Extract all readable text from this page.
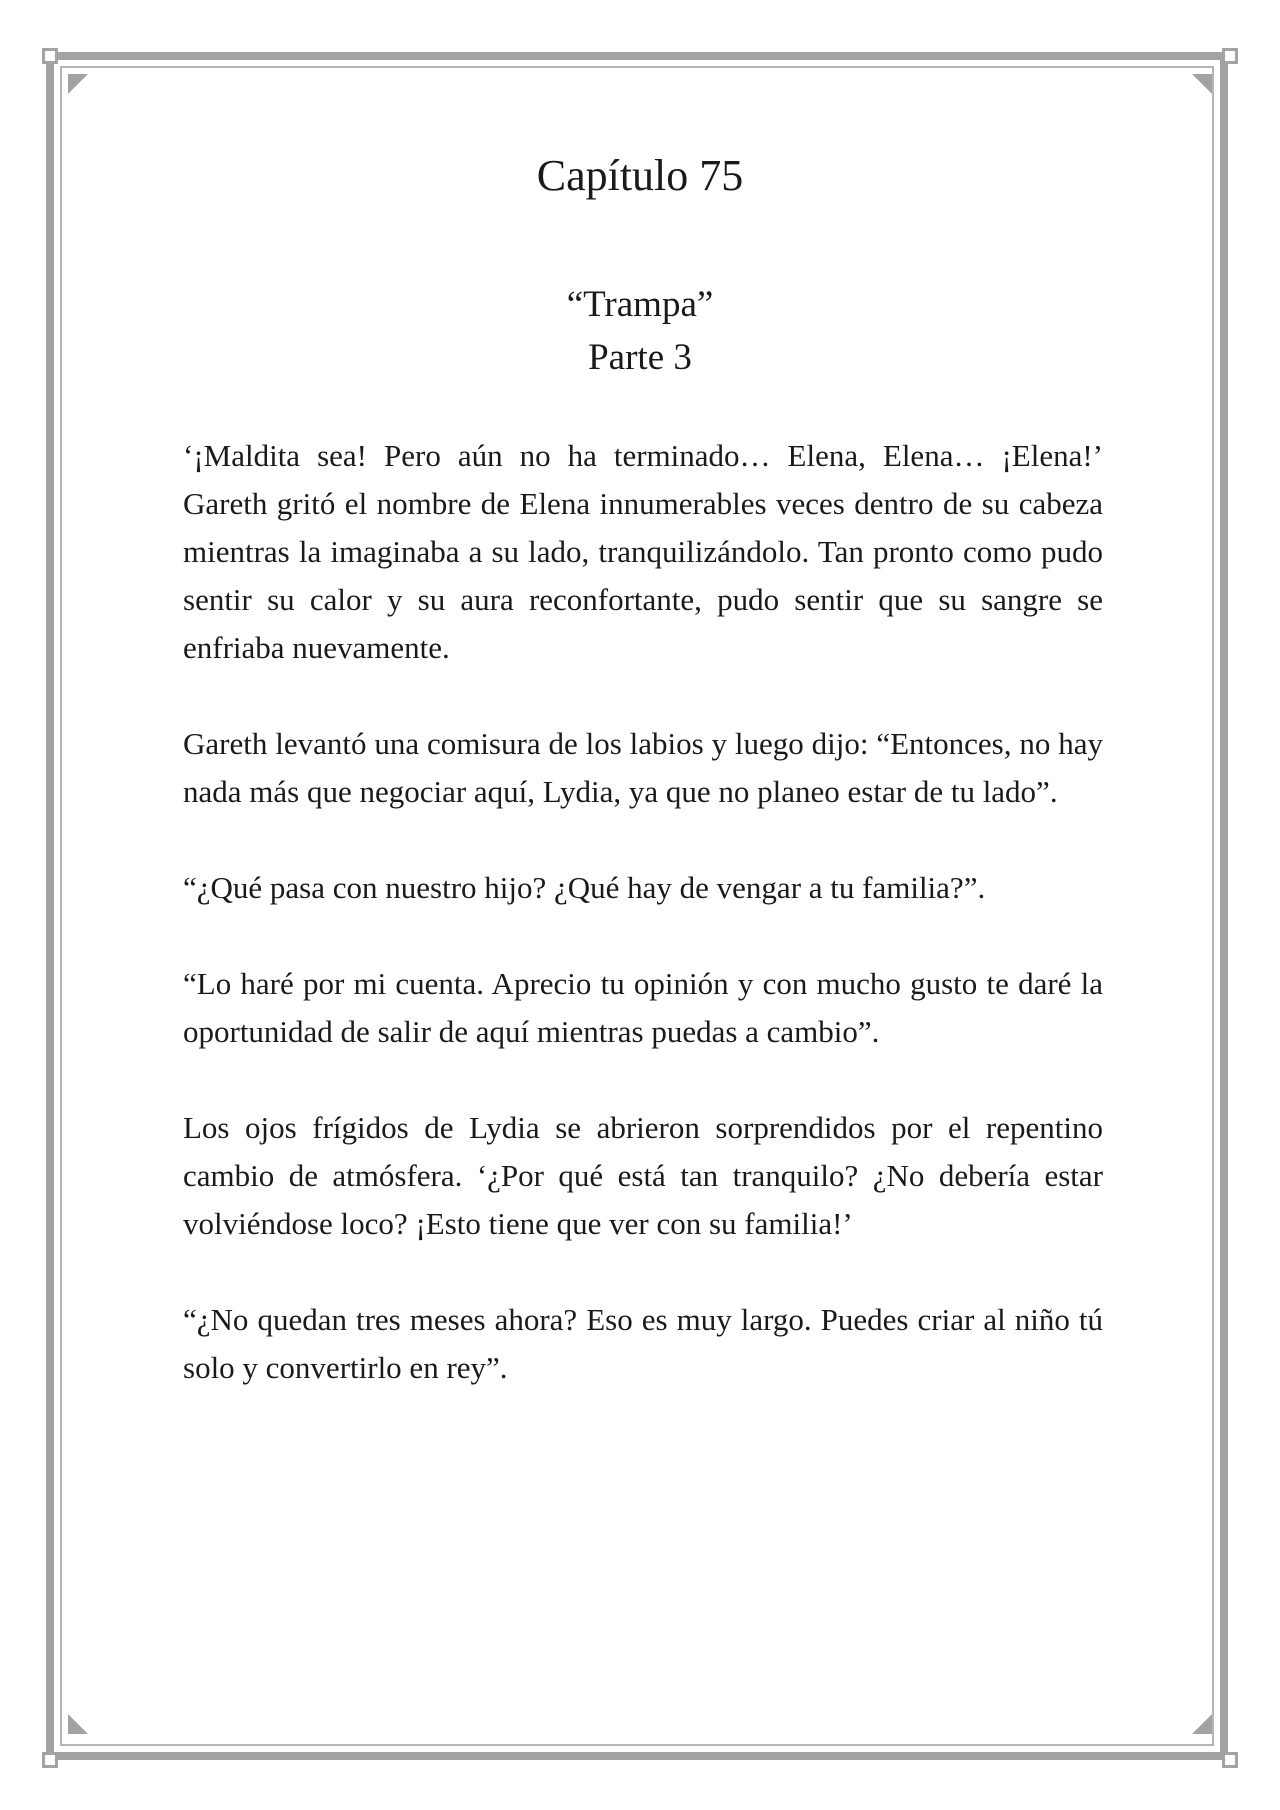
Capítulo 75
“Trampa”
Parte 3

‘¡Maldita sea! Pero aún no ha terminado… Elena, Elena… ¡Elena!’ Gareth gritó el nombre de Elena innumerables veces dentro de su cabeza mientras la imaginaba a su lado, tranquilizándolo. Tan pronto como pudo sentir su calor y su aura reconfortante, pudo sentir que su sangre se enfriaba nuevamente.

Gareth levantó una comisura de los labios y luego dijo: “Entonces, no hay nada más que negociar aquí, Lydia, ya que no planeo estar de tu lado”.

“¿Qué pasa con nuestro hijo? ¿Qué hay de vengar a tu familia?”.

“Lo haré por mi cuenta. Aprecio tu opinión y con mucho gusto te daré la oportunidad de salir de aquí mientras puedas a cambio”.

Los ojos frígidos de Lydia se abrieron sorprendidos por el repentino cambio de atmósfera. ‘¿Por qué está tan tranquilo? ¿No debería estar volviéndose loco? ¡Esto tiene que ver con su familia!’

“¿No quedan tres meses ahora? Eso es muy largo. Puedes criar al niño tú solo y convertirlo en rey”.
